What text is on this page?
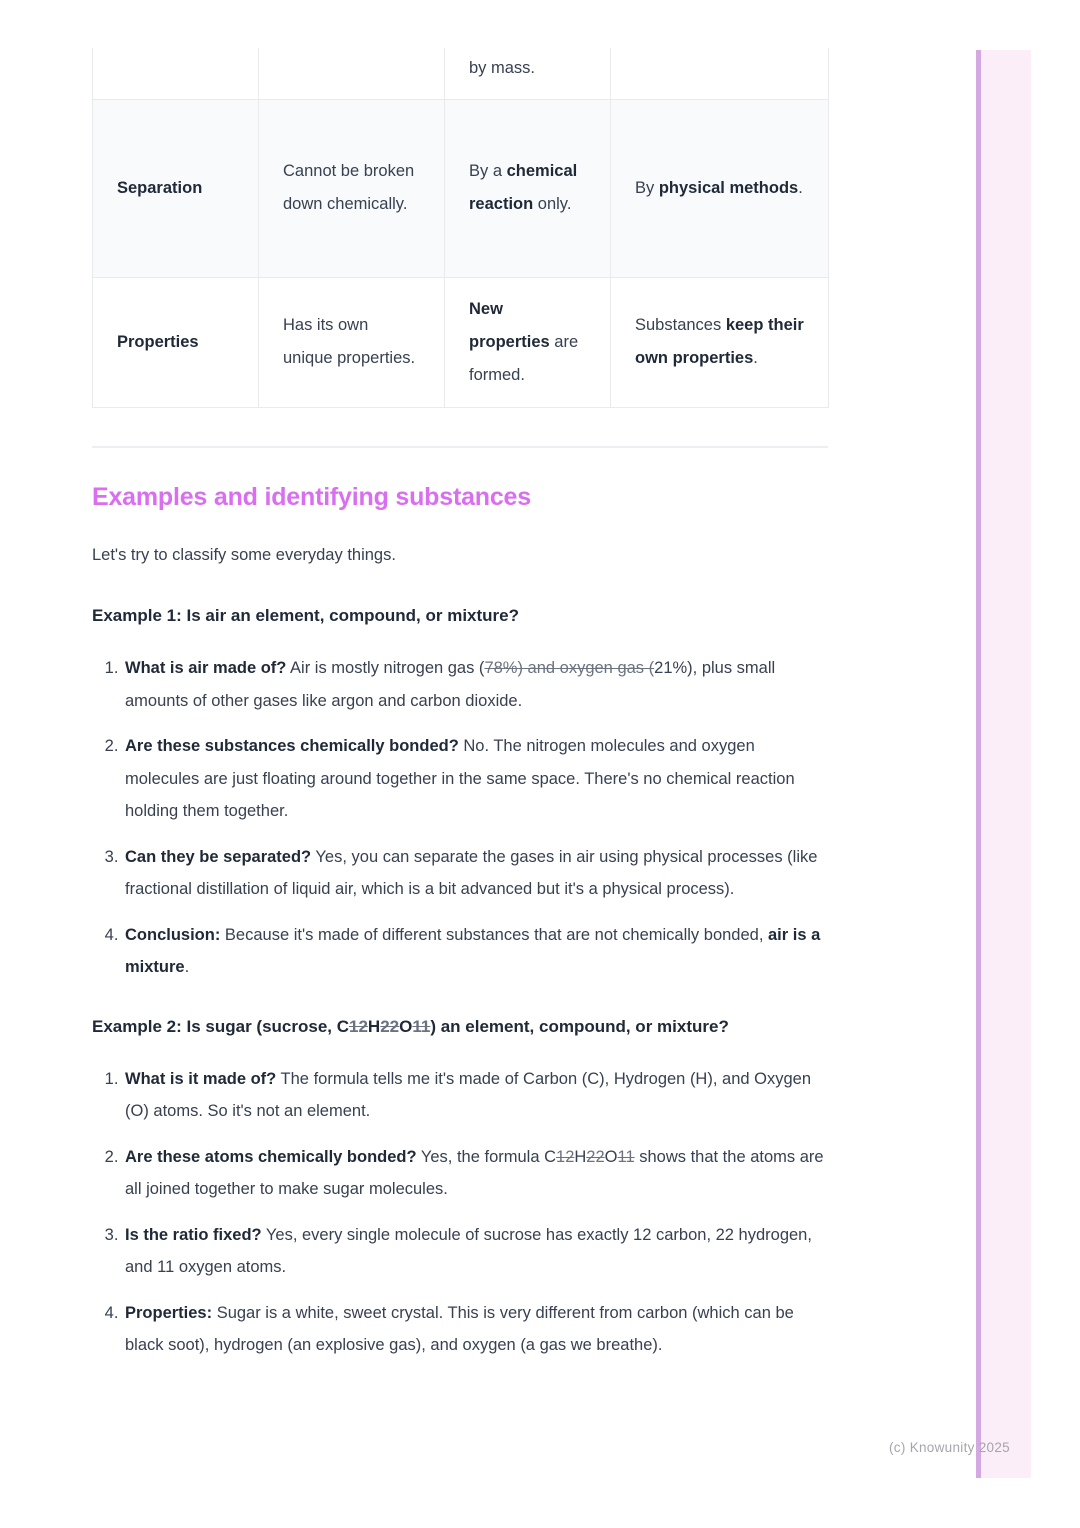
(c) Knowunity 2025
		by mass.	
Separation	Cannot be broken down chemically.	By a chemical reaction only.	By physical methods.
Properties	Has its own unique properties.	New properties are formed.	Substances keep their own properties.
Examples and identifying substances

Let's try to classify some everyday things.

Example 1: Is air an element, compound, or mixture?

1. What is air made of? Air is mostly nitrogen gas (78%) and oxygen gas (21%), plus small amounts of other gases like argon and carbon dioxide.
2. Are these substances chemically bonded? No. The nitrogen molecules and oxygen molecules are just floating around together in the same space. There's no chemical reaction holding them together.
3. Can they be separated? Yes, you can separate the gases in air using physical processes (like fractional distillation of liquid air, which is a bit advanced but it's a physical process).
4. Conclusion: Because it's made of different substances that are not chemically bonded, air is a mixture.

Example 2: Is sugar (sucrose, C12H22O11) an element, compound, or mixture?

1. What is it made of? The formula tells me it's made of Carbon (C), Hydrogen (H), and Oxygen (O) atoms. So it's not an element.
2. Are these atoms chemically bonded? Yes, the formula C12H22O11 shows that the atoms are all joined together to make sugar molecules.
3. Is the ratio fixed? Yes, every single molecule of sucrose has exactly 12 carbon, 22 hydrogen, and 11 oxygen atoms.
4. Properties: Sugar is a white, sweet crystal. This is very different from carbon (which can be black soot), hydrogen (an explosive gas), and oxygen (a gas we breathe).
